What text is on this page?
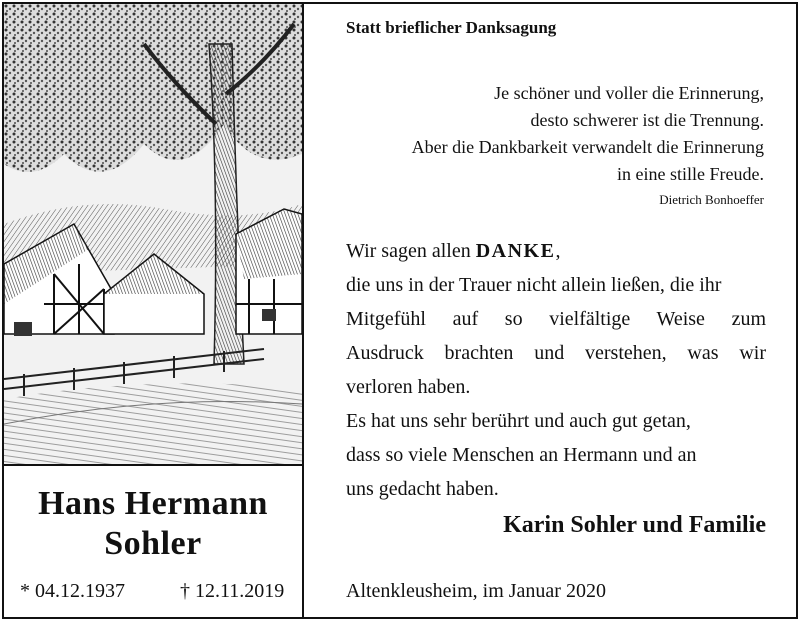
Hans Hermann
Sohler
* 04.12.1937	† 12.11.2019
Statt brieflicher Danksagung
Je schöner und voller die Erinnerung,
desto schwerer ist die Trennung.
Aber die Dankbarkeit verwandelt die Erinnerung
in eine stille Freude.
Dietrich Bonhoeffer
Wir sagen allen DANKE,
die uns in der Trauer nicht allein ließen, die ihr
Mitgefühl auf so vielfältige Weise zum
Ausdruck brachten und verstehen, was wir
verloren haben.
Es hat uns sehr berührt und auch gut getan,
dass so viele Menschen an Hermann und an
uns gedacht haben.
Karin Sohler und Familie
Altenkleusheim, im Januar 2020
